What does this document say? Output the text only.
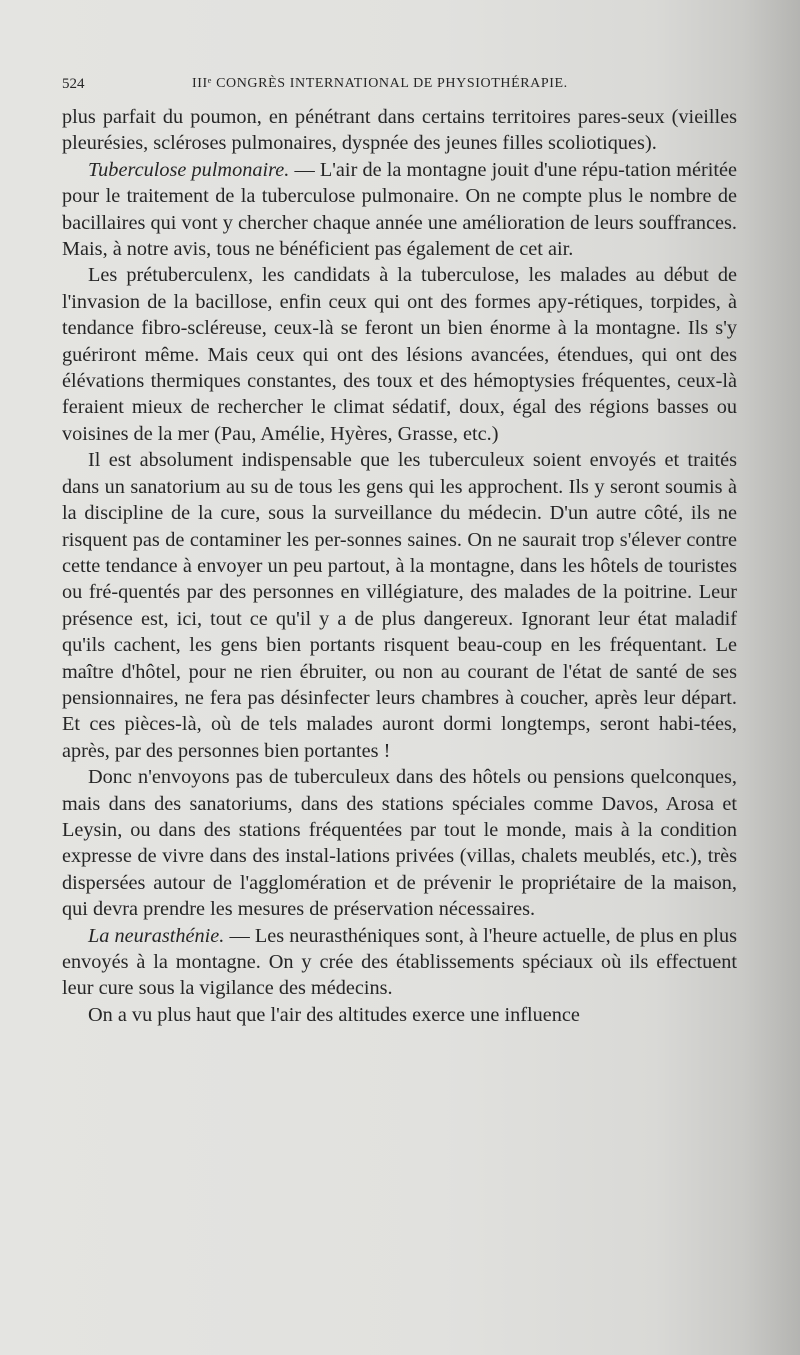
524	IIIᵉ CONGRÈS INTERNATIONAL DE PHYSIOTHÉRAPIE.

plus parfait du poumon, en pénétrant dans certains territoires pares-seux (vieilles pleurésies, scléroses pulmonaires, dyspnée des jeunes filles scoliotiques).

Tuberculose pulmonaire. — L'air de la montagne jouit d'une répu-tation méritée pour le traitement de la tuberculose pulmonaire. On ne compte plus le nombre de bacillaires qui vont y chercher chaque année une amélioration de leurs souffrances. Mais, à notre avis, tous ne bénéficient pas également de cet air.

Les prétuberculenx, les candidats à la tuberculose, les malades au début de l'invasion de la bacillose, enfin ceux qui ont des formes apy-rétiques, torpides, à tendance fibro-scléreuse, ceux-là se feront un bien énorme à la montagne. Ils s'y guériront même. Mais ceux qui ont des lésions avancées, étendues, qui ont des élévations thermiques constantes, des toux et des hémoptysies fréquentes, ceux-là feraient mieux de rechercher le climat sédatif, doux, égal des régions basses ou voisines de la mer (Pau, Amélie, Hyères, Grasse, etc.)

Il est absolument indispensable que les tuberculeux soient envoyés et traités dans un sanatorium au su de tous les gens qui les approchent. Ils y seront soumis à la discipline de la cure, sous la surveillance du médecin. D'un autre côté, ils ne risquent pas de contaminer les per-sonnes saines. On ne saurait trop s'élever contre cette tendance à envoyer un peu partout, à la montagne, dans les hôtels de touristes ou fré-quentés par des personnes en villégiature, des malades de la poitrine. Leur présence est, ici, tout ce qu'il y a de plus dangereux. Ignorant leur état maladif qu'ils cachent, les gens bien portants risquent beau-coup en les fréquentant. Le maître d'hôtel, pour ne rien ébruiter, ou non au courant de l'état de santé de ses pensionnaires, ne fera pas désinfecter leurs chambres à coucher, après leur départ. Et ces pièces-là, où de tels malades auront dormi longtemps, seront habi-tées, après, par des personnes bien portantes !

Donc n'envoyons pas de tuberculeux dans des hôtels ou pensions quelconques, mais dans des sanatoriums, dans des stations spéciales comme Davos, Arosa et Leysin, ou dans des stations fréquentées par tout le monde, mais à la condition expresse de vivre dans des instal-lations privées (villas, chalets meublés, etc.), très dispersées autour de l'agglomération et de prévenir le propriétaire de la maison, qui devra prendre les mesures de préservation nécessaires.

La neurasthénie. — Les neurasthéniques sont, à l'heure actuelle, de plus en plus envoyés à la montagne. On y crée des établissements spéciaux où ils effectuent leur cure sous la vigilance des médecins.

On a vu plus haut que l'air des altitudes exerce une influence
